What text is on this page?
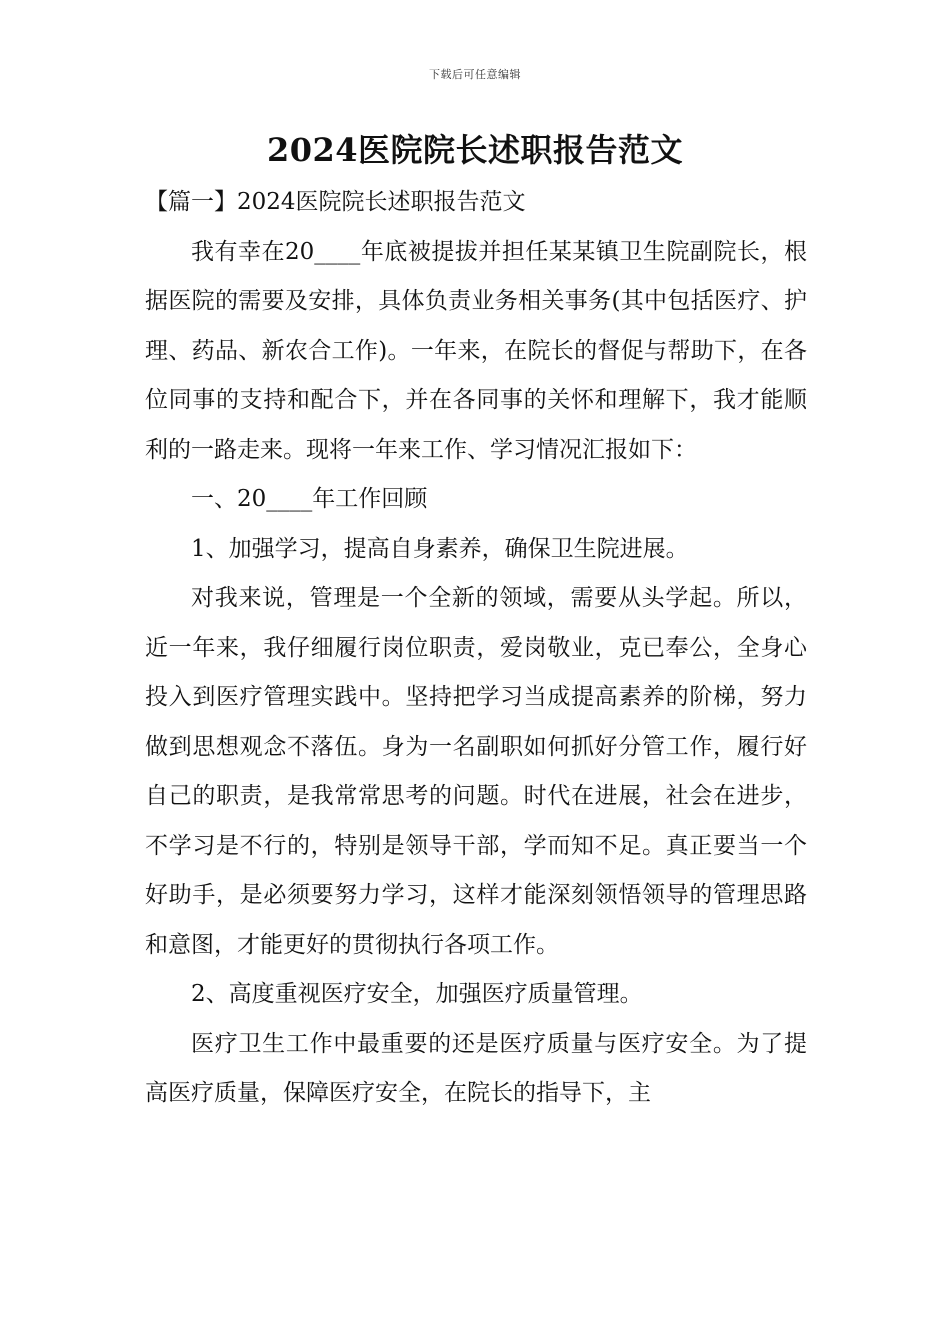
下载后可任意编辑
2024医院院长述职报告范文

【篇一】2024医院院长述职报告范文

我有幸在20____年底被提拔并担任某某镇卫生院副院长，根据医院的需要及安排，具体负责业务相关事务(其中包括医疗、护理、药品、新农合工作)。一年来，在院长的督促与帮助下，在各位同事的支持和配合下，并在各同事的关怀和理解下，我才能顺利的一路走来。现将一年来工作、学习情况汇报如下：

一、20____年工作回顾

1、加强学习，提高自身素养，确保卫生院进展。

对我来说，管理是一个全新的领域，需要从头学起。所以，近一年来，我仔细履行岗位职责，爱岗敬业，克已奉公，全身心投入到医疗管理实践中。坚持把学习当成提高素养的阶梯，努力做到思想观念不落伍。身为一名副职如何抓好分管工作，履行好自己的职责，是我常常思考的问题。时代在进展，社会在进步，不学习是不行的，特别是领导干部，学而知不足。真正要当一个好助手，是必须要努力学习，这样才能深刻领悟领导的管理思路和意图，才能更好的贯彻执行各项工作。

2、高度重视医疗安全，加强医疗质量管理。

医疗卫生工作中最重要的还是医疗质量与医疗安全。为了提高医疗质量，保障医疗安全，在院长的指导下，主
